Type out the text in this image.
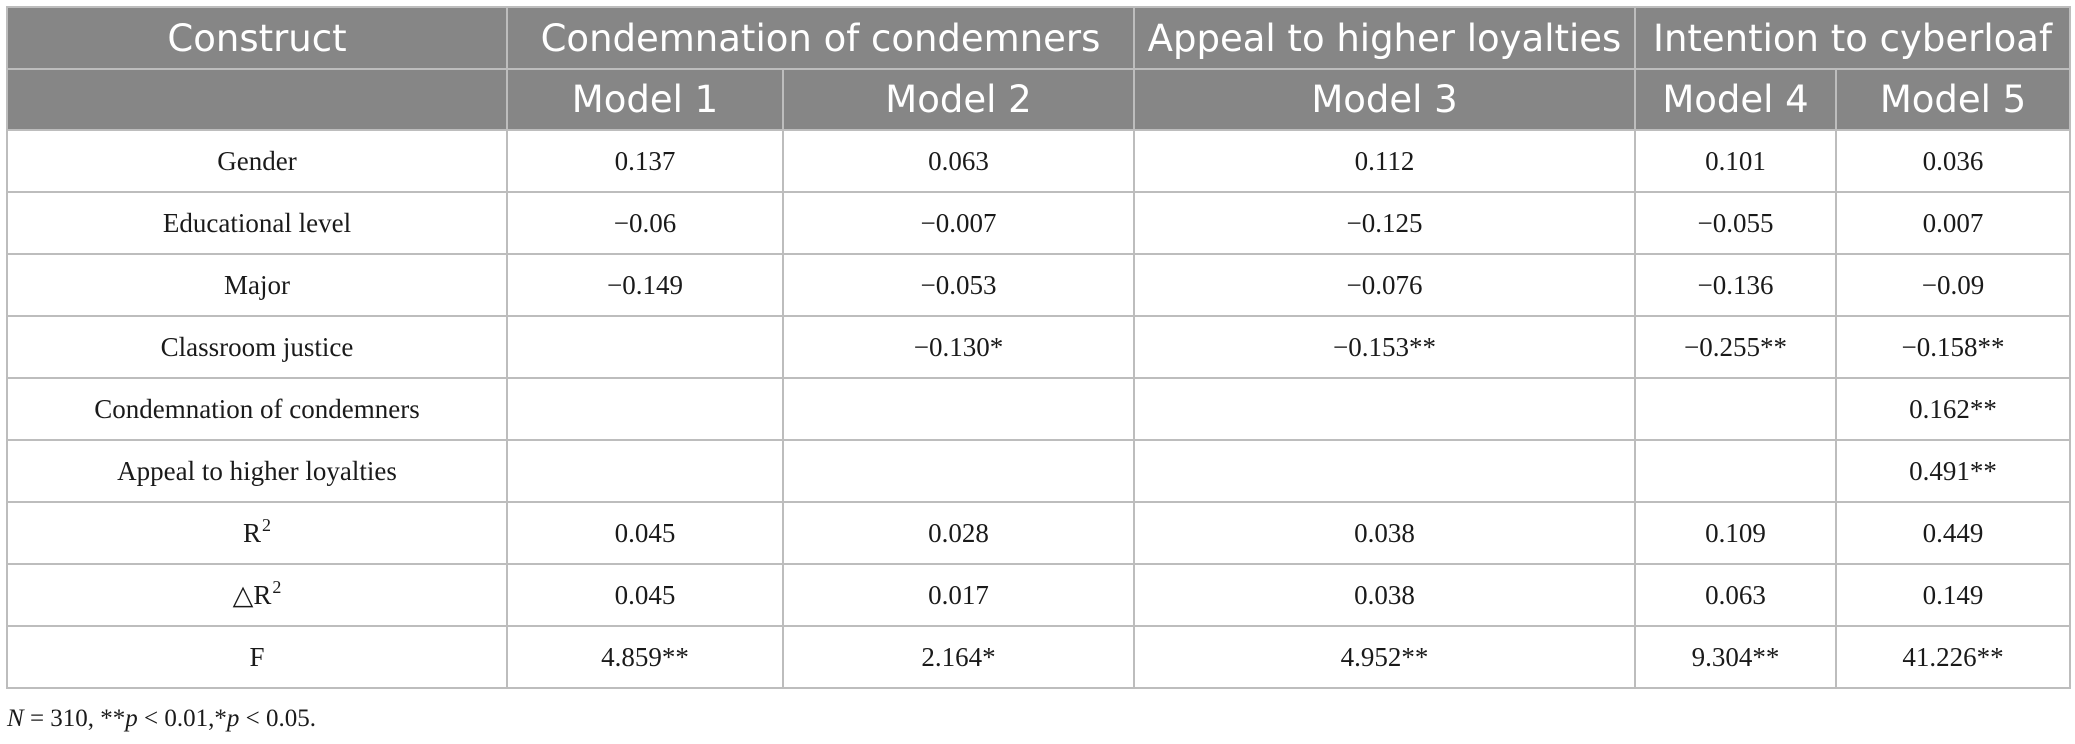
Construct	Condemnation of condemners		Appeal to higher loyalties	Intention to cyberloaf	
	Model 1	Model 2	Model 3	Model 4	Model 5
Gender	0.137	0.063	0.112	0.101	0.036
Educational level	−0.06	−0.007	−0.125	−0.055	0.007
Major	−0.149	−0.053	−0.076	−0.136	−0.09
Classroom justice		−0.130*	−0.153**	−0.255**	−0.158**
Condemnation of condemners					0.162**
Appeal to higher loyalties					0.491**
$R^2$	0.045	0.028	0.038	0.109	0.449
$\triangle R^2$	0.045	0.017	0.038	0.063	0.149
F	4.859**	2.164*	4.952**	9.304**	41.226**
N = 310, **p < 0.01,*p < 0.05.
